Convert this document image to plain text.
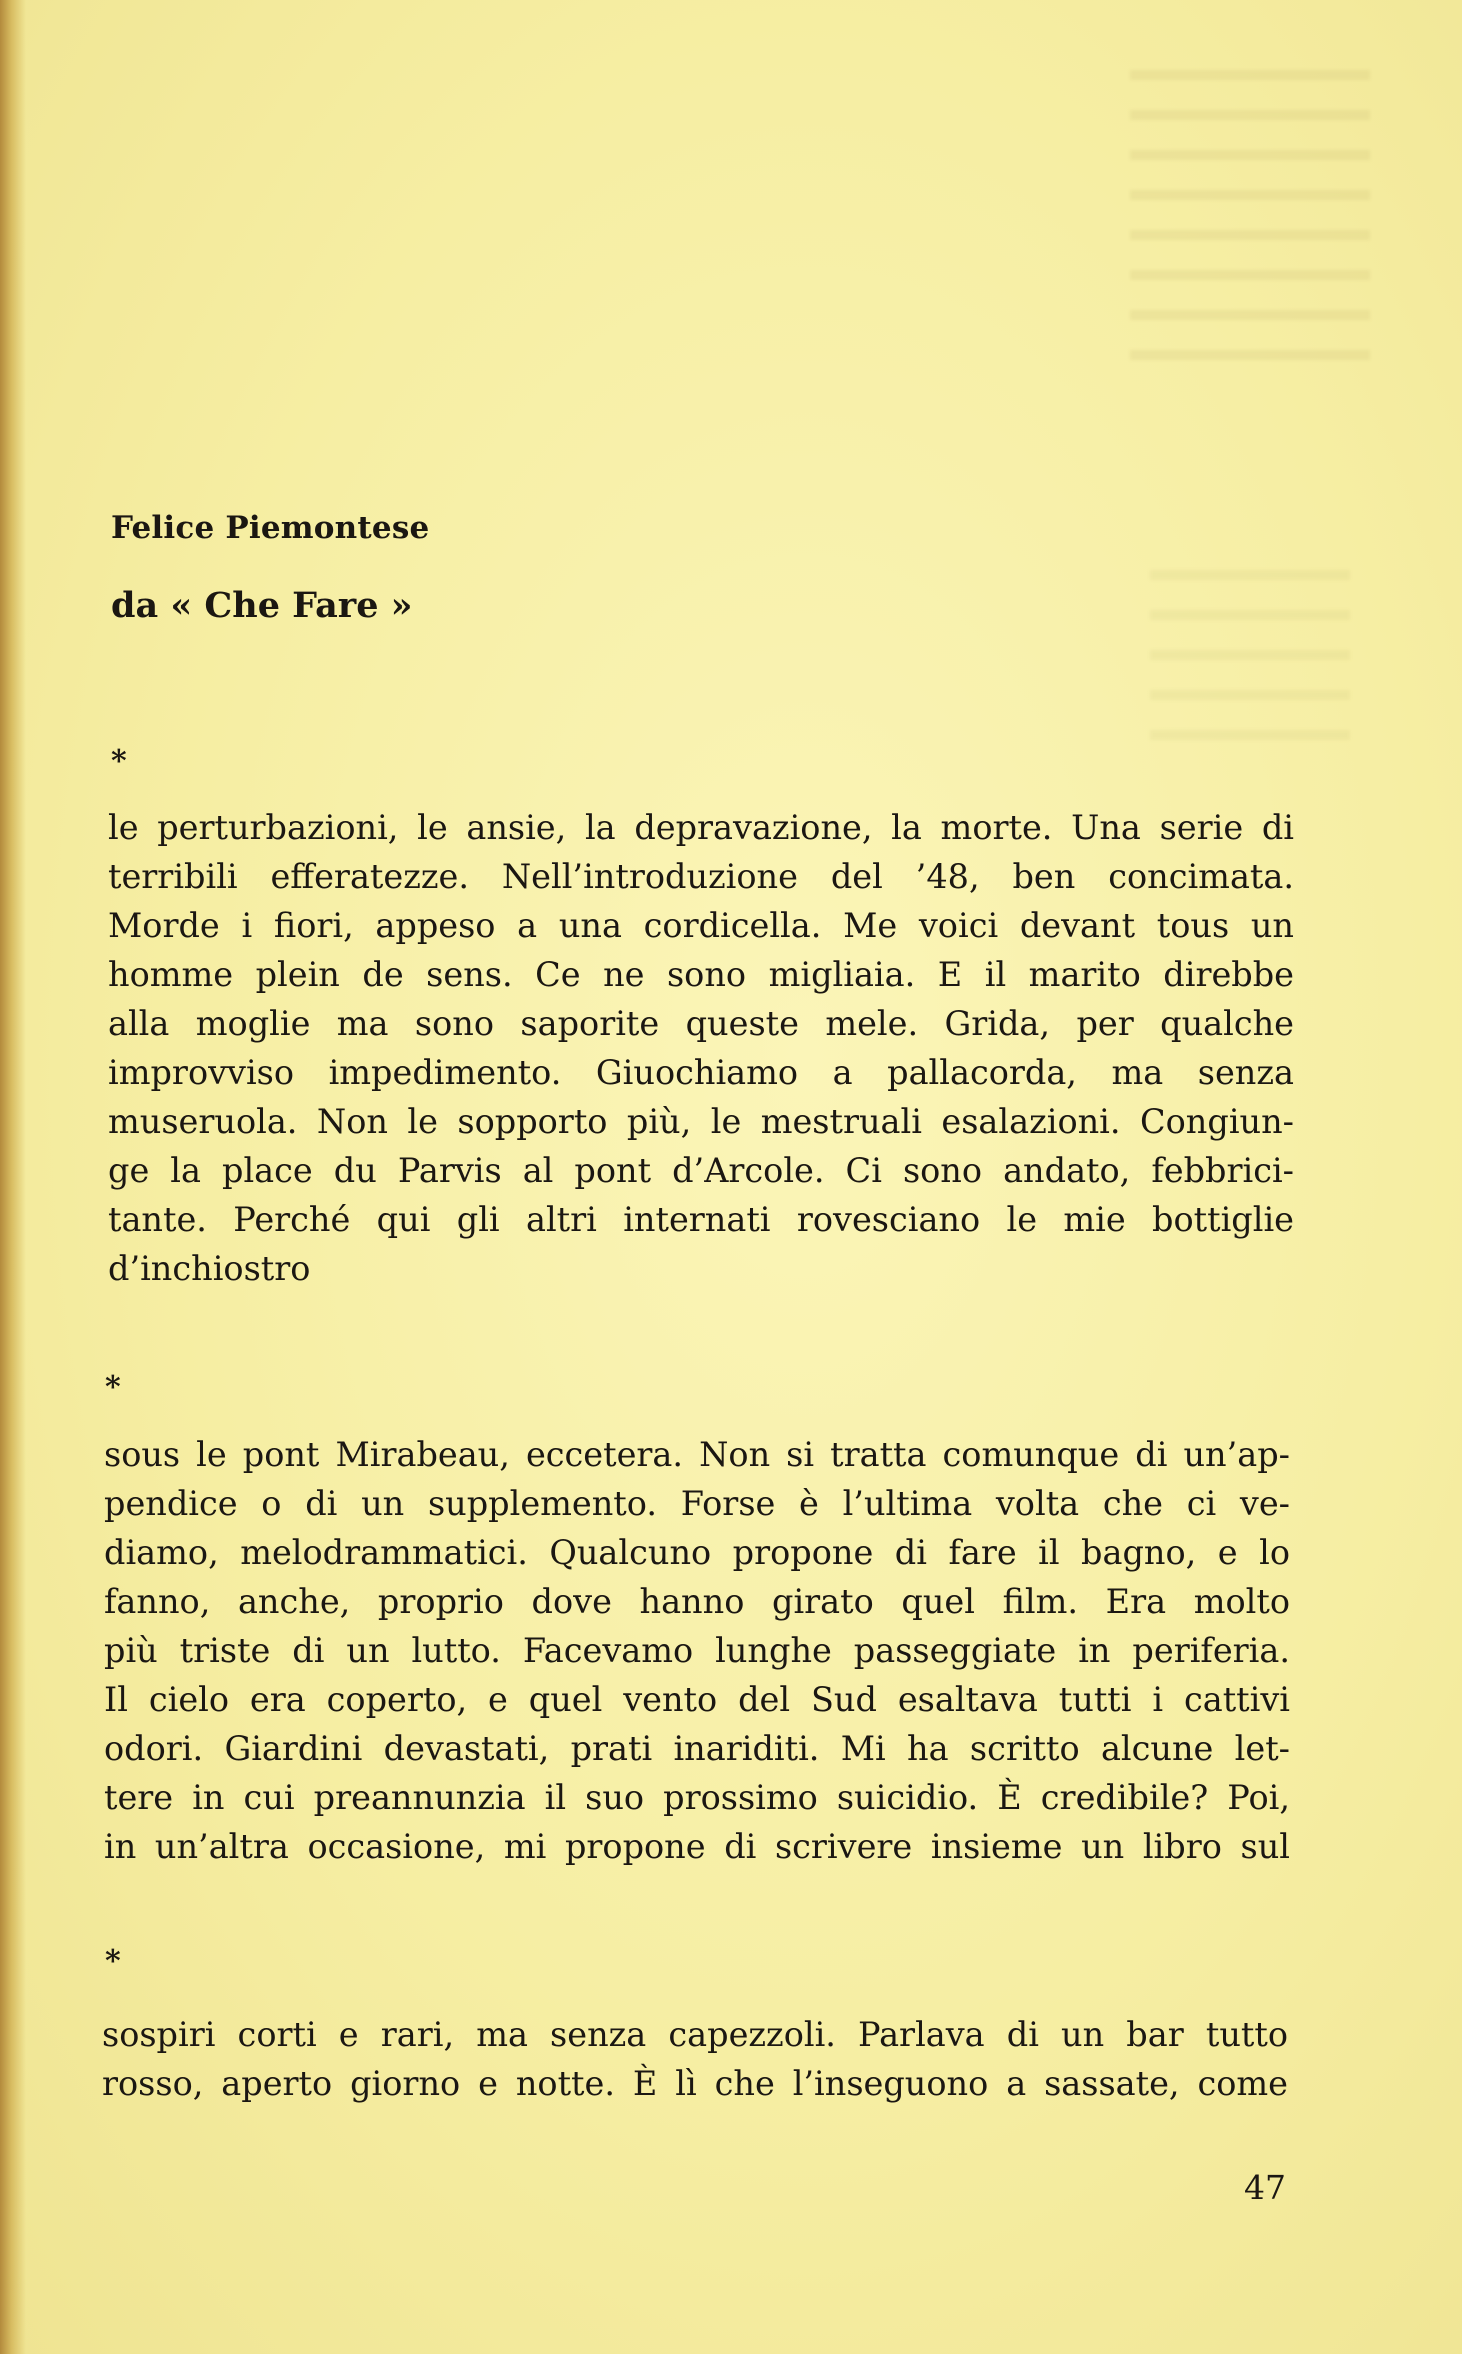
Felice Piemontese
da « Che Fare »
*
le perturbazioni, le ansie, la depravazione, la morte. Una serie di
terribili efferatezze. Nell’introduzione del ’48, ben concimata.
Morde i fiori, appeso a una cordicella. Me voici devant tous un
homme plein de sens. Ce ne sono migliaia. E il marito direbbe
alla moglie ma sono saporite queste mele. Grida, per qualche
improvviso impedimento. Giuochiamo a pallacorda, ma senza
museruola. Non le sopporto più, le mestruali esalazioni. Congiun-
ge la place du Parvis al pont d’Arcole. Ci sono andato, febbrici-
tante. Perché qui gli altri internati rovesciano le mie bottiglie
d’inchiostro
*
sous le pont Mirabeau, eccetera. Non si tratta comunque di un’ap-
pendice o di un supplemento. Forse è l’ultima volta che ci ve-
diamo, melodrammatici. Qualcuno propone di fare il bagno, e lo
fanno, anche, proprio dove hanno girato quel film. Era molto
più triste di un lutto. Facevamo lunghe passeggiate in periferia.
Il cielo era coperto, e quel vento del Sud esaltava tutti i cattivi
odori. Giardini devastati, prati inariditi. Mi ha scritto alcune let-
tere in cui preannunzia il suo prossimo suicidio. È credibile? Poi,
in un’altra occasione, mi propone di scrivere insieme un libro sul
*
sospiri corti e rari, ma senza capezzoli. Parlava di un bar tutto
rosso, aperto giorno e notte. È lì che l’inseguono a sassate, come
47
